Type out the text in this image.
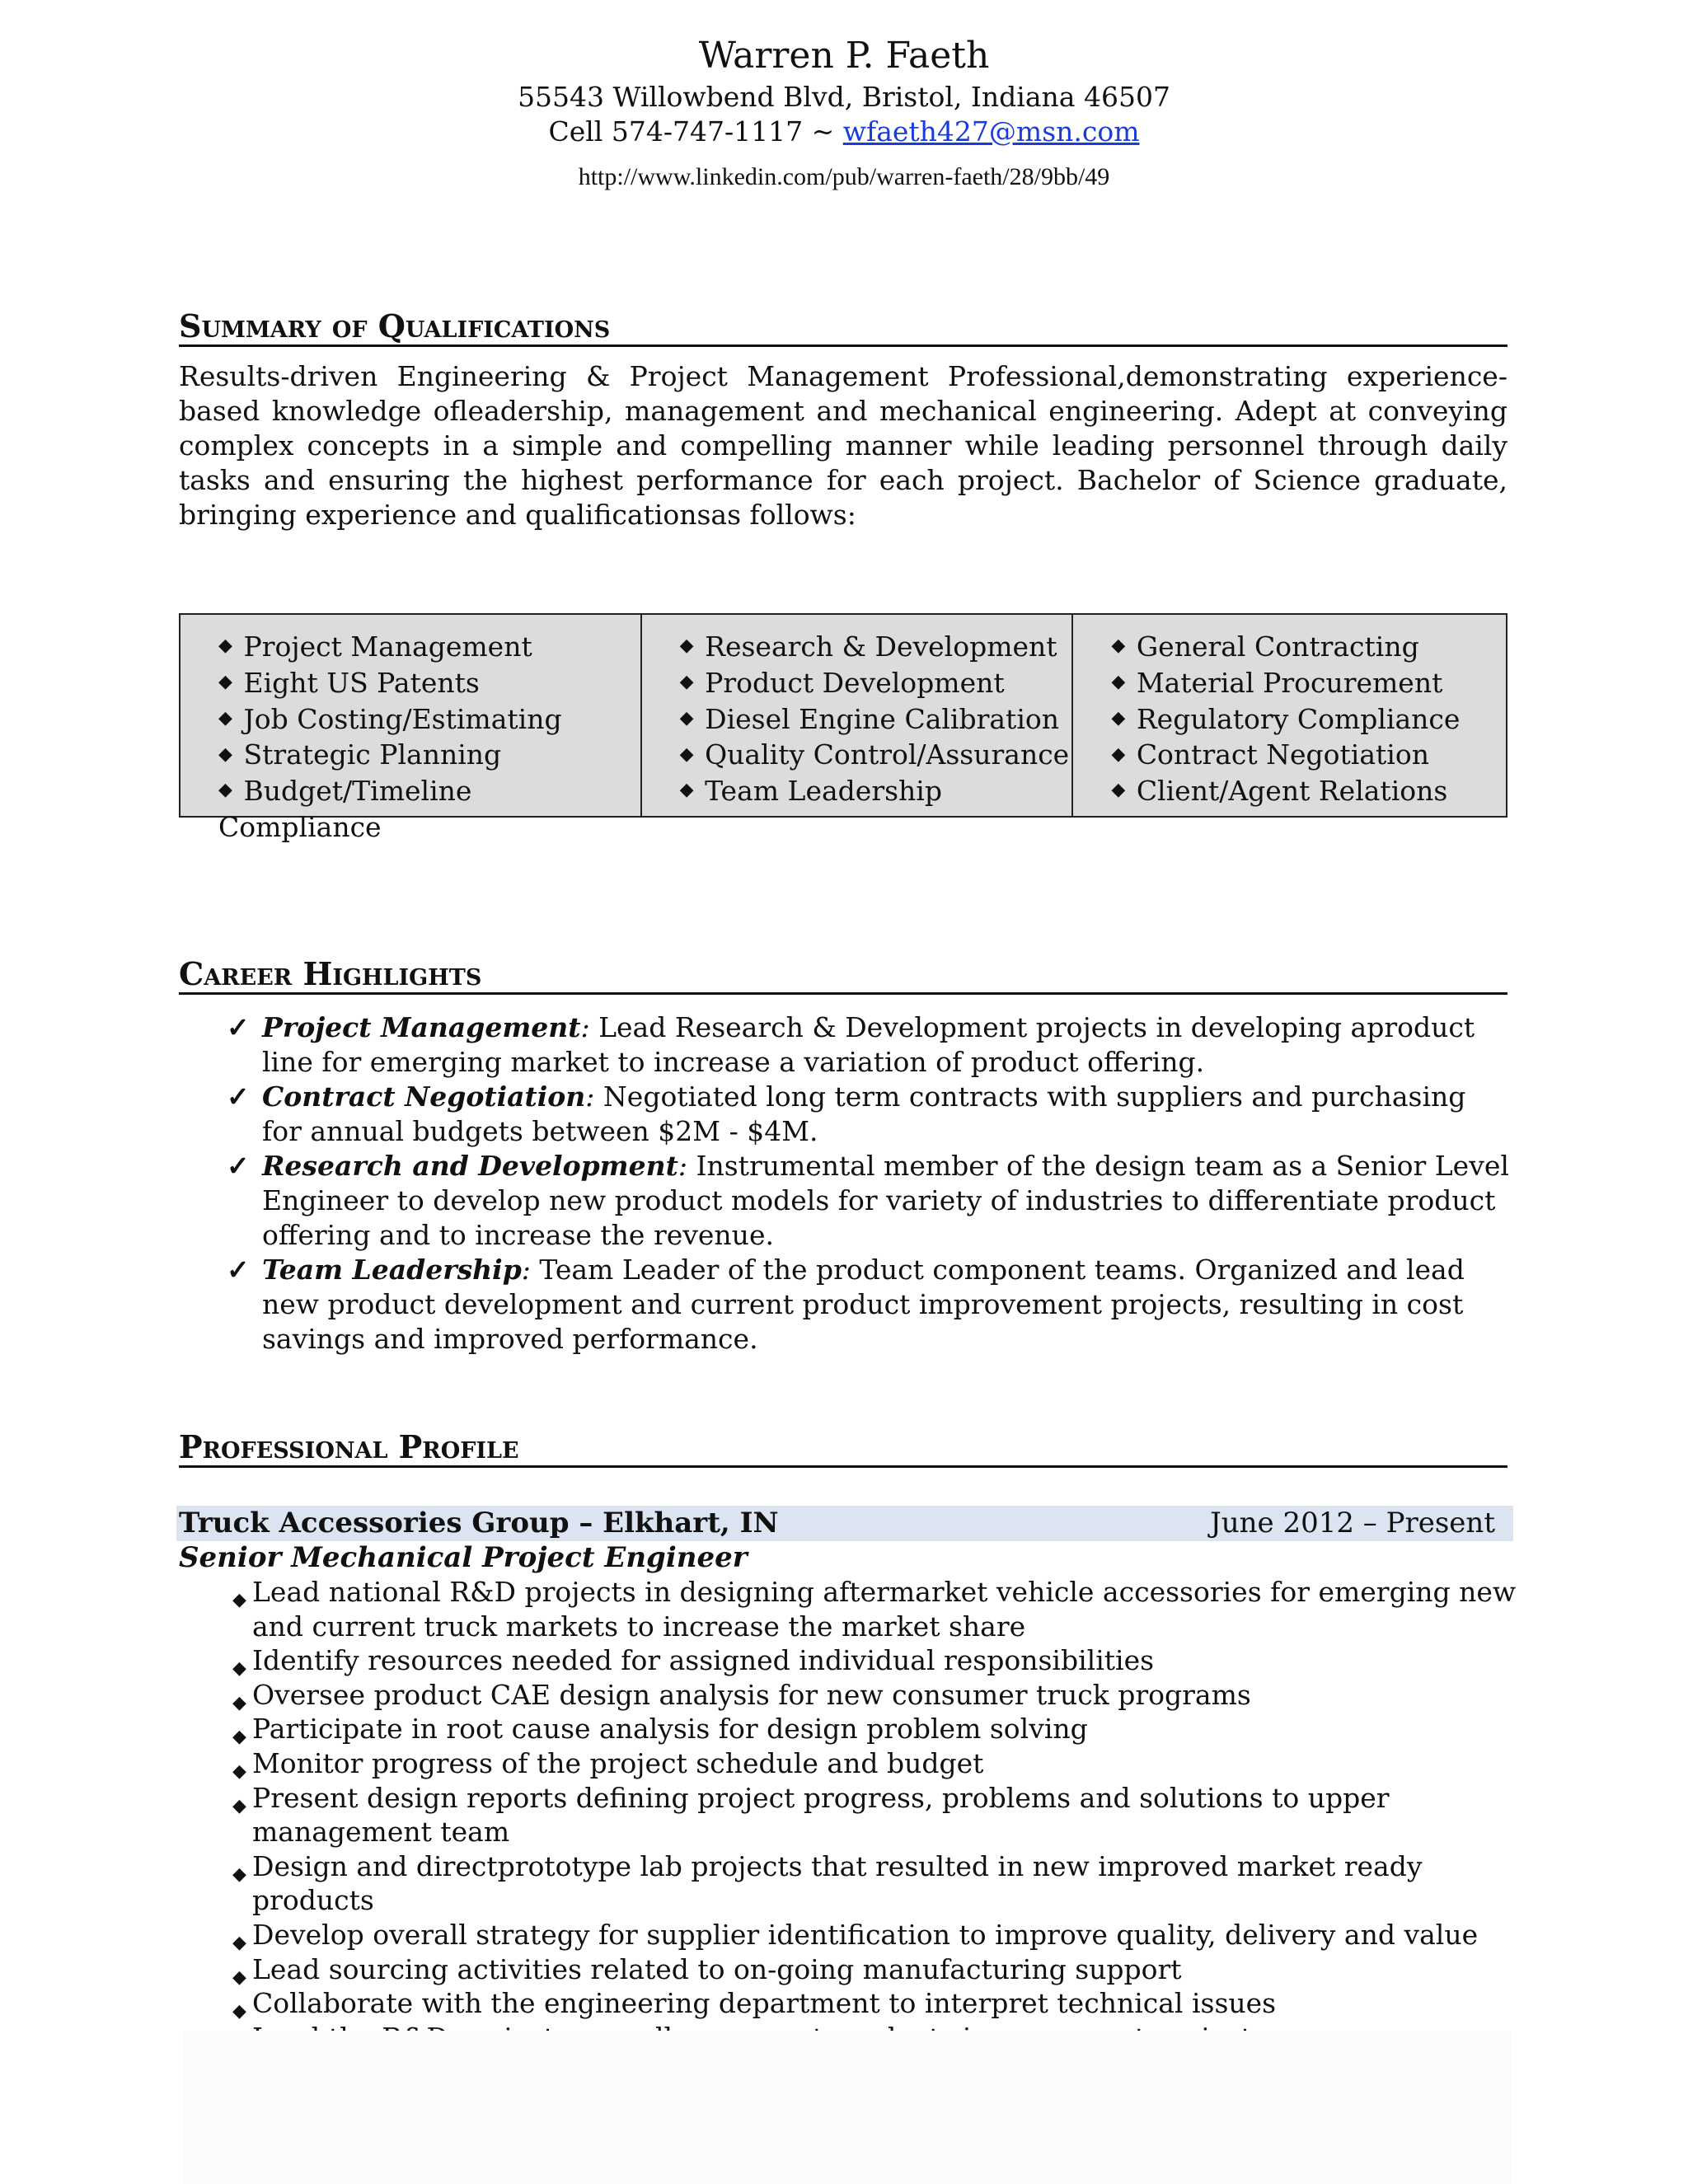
Warren P. Faeth
55543 Willowbend Blvd, Bristol, Indiana 46507
Cell 574-747-1117 ~ wfaeth427@msn.com
http://www.linkedin.com/pub/warren-faeth/28/9bb/49
Summary of Qualifications
Results-driven Engineering & Project Management Professional,demonstrating experience-based knowledge ofleadership, management and mechanical engineering. Adept at conveying complex concepts in a simple and compelling manner while leading personnel through daily tasks and ensuring the highest performance for each project. Bachelor of Science graduate, bringing experience and qualificationsas follows:
◆ Project Management
◆ Eight US Patents
◆ Job Costing/Estimating
◆ Strategic Planning
◆ Budget/Timeline Compliance
◆ Research & Development
◆ Product Development
◆ Diesel Engine Calibration
◆ Quality Control/Assurance
◆ Team Leadership
◆ General Contracting
◆ Material Procurement
◆ Regulatory Compliance
◆ Contract Negotiation
◆ Client/Agent Relations
Career Highlights

✓ Project Management: Lead Research & Development projects in developing aproduct line for emerging market to increase a variation of product offering.

✓ Contract Negotiation: Negotiated long term contracts with suppliers and purchasing for annual budgets between $2M - $4M.

✓ Research and Development: Instrumental member of the design team as a Senior Level Engineer to develop new product models for variety of industries to differentiate product offering and to increase the revenue.

✓ Team Leadership: Team Leader of the product component teams. Organized and lead new product development and current product improvement projects, resulting in cost savings and improved performance.

Professional Profile
Truck Accessories Group – Elkhart, IN	June 2012 – Present
Senior Mechanical Project Engineer

◆ Lead national R&D projects in designing aftermarket vehicle accessories for emerging new and current truck markets to increase the market share

◆ Identify resources needed for assigned individual responsibilities

◆ Oversee product CAE design analysis for new consumer truck programs

◆ Participate in root cause analysis for design problem solving

◆ Monitor progress of the project schedule and budget

◆ Present design reports defining project progress, problems and solutions to upper management team

◆ Design and directprototype lab projects that resulted in new improved market ready products

◆ Develop overall strategy for supplier identification to improve quality, delivery and value

◆ Lead sourcing activities related to on-going manufacturing support

◆ Collaborate with the engineering department to interpret technical issues
